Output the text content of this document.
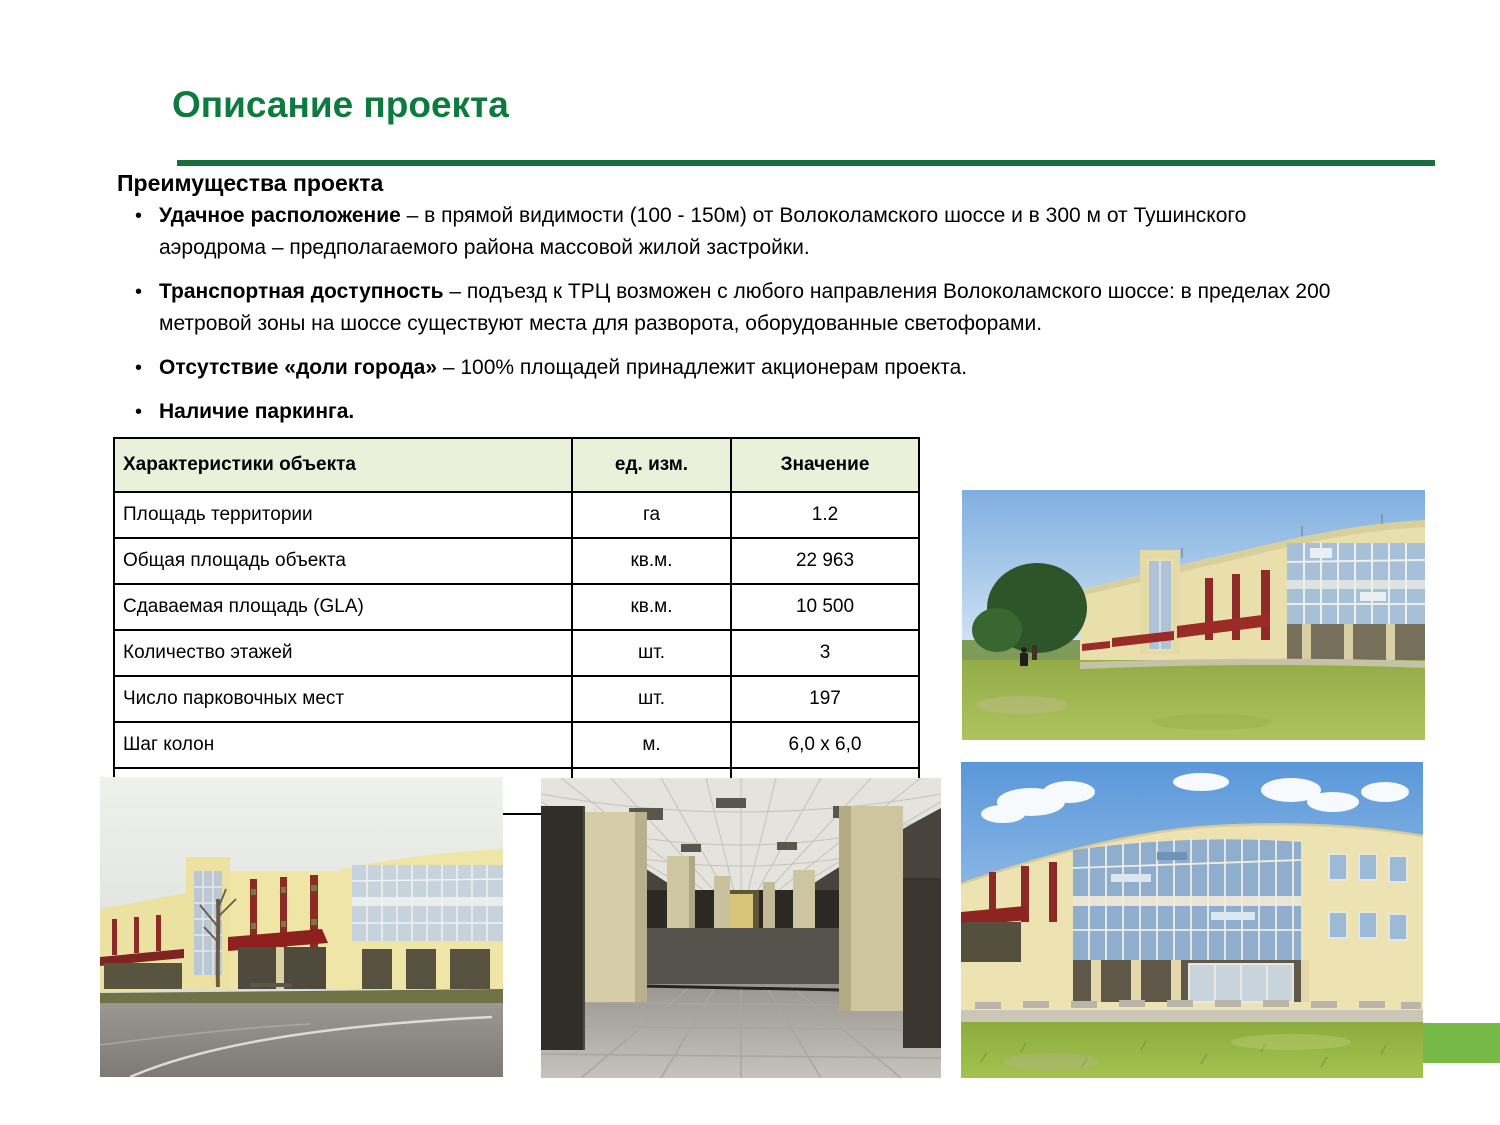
Описание проекта
Преимущества проекта
• Удачное расположение – в прямой видимости (100 - 150м) от Волоколамского шоссе и в 300 м от Тушинского аэродрома – предполагаемого района массовой жилой застройки.
• Транспортная доступность – подъезд к ТРЦ возможен с любого направления Волоколамского шоссе: в пределах 200 метровой зоны на шоссе существуют места для разворота, оборудованные светофорами.
• Отсутствие «доли города» – 100% площадей принадлежит акционерам проекта.
• Наличие паркинга.
Характеристики объекта	ед. изм.	Значение
Площадь территории	га	1.2
Общая площадь объекта	кв.м.	22 963
Сдаваемая площадь (GLA)	кв.м.	10 500
Количество этажей	шт.	3
Число парковочных мест	шт.	197
Шаг колон	м.	6,0 x 6,0
